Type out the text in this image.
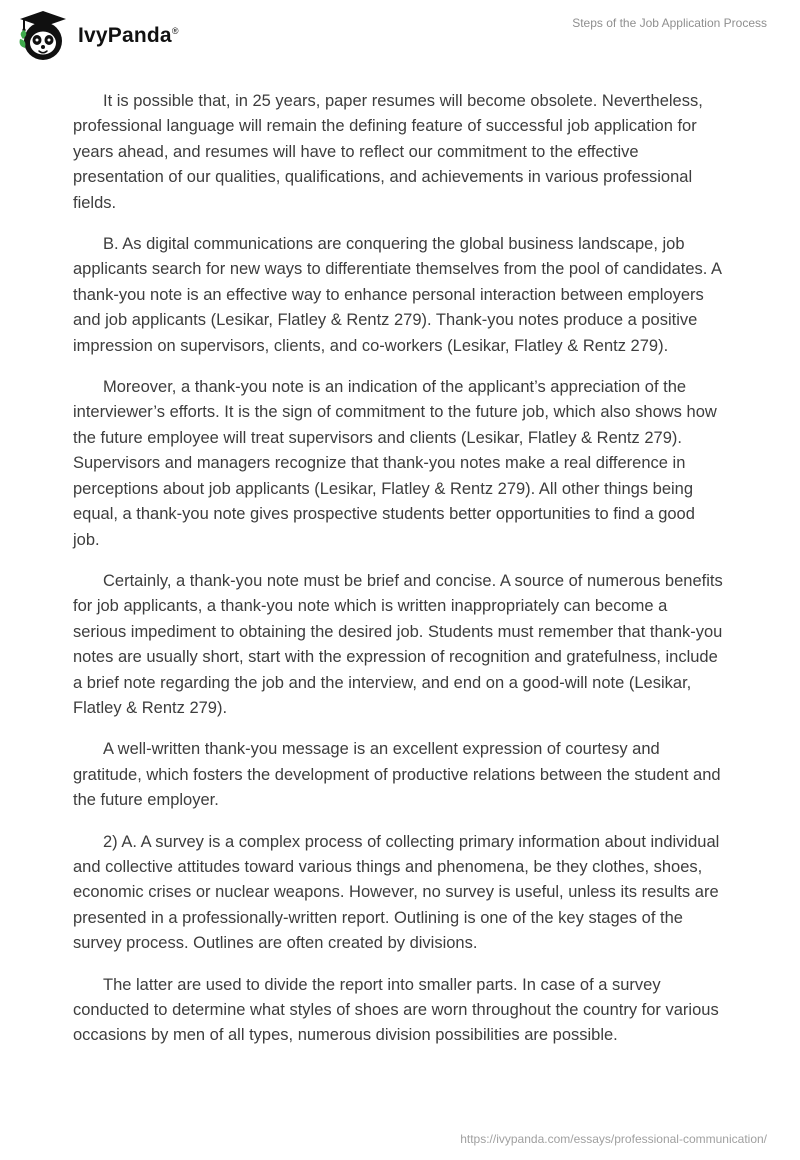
IvyPanda®
Steps of the Job Application Process

It is possible that, in 25 years, paper resumes will become obsolete. Nevertheless, professional language will remain the defining feature of successful job application for years ahead, and resumes will have to reflect our commitment to the effective presentation of our qualities, qualifications, and achievements in various professional fields.

B. As digital communications are conquering the global business landscape, job applicants search for new ways to differentiate themselves from the pool of candidates. A thank-you note is an effective way to enhance personal interaction between employers and job applicants (Lesikar, Flatley & Rentz 279). Thank-you notes produce a positive impression on supervisors, clients, and co-workers (Lesikar, Flatley & Rentz 279).

Moreover, a thank-you note is an indication of the applicant’s appreciation of the interviewer’s efforts. It is the sign of commitment to the future job, which also shows how the future employee will treat supervisors and clients (Lesikar, Flatley & Rentz 279). Supervisors and managers recognize that thank-you notes make a real difference in perceptions about job applicants (Lesikar, Flatley & Rentz 279). All other things being equal, a thank-you note gives prospective students better opportunities to find a good job.

Certainly, a thank-you note must be brief and concise. A source of numerous benefits for job applicants, a thank-you note which is written inappropriately can become a serious impediment to obtaining the desired job. Students must remember that thank-you notes are usually short, start with the expression of recognition and gratefulness, include a brief note regarding the job and the interview, and end on a good-will note (Lesikar, Flatley & Rentz 279).

A well-written thank-you message is an excellent expression of courtesy and gratitude, which fosters the development of productive relations between the student and the future employer.

2) A. A survey is a complex process of collecting primary information about individual and collective attitudes toward various things and phenomena, be they clothes, shoes, economic crises or nuclear weapons. However, no survey is useful, unless its results are presented in a professionally-written report. Outlining is one of the key stages of the survey process. Outlines are often created by divisions.

The latter are used to divide the report into smaller parts. In case of a survey conducted to determine what styles of shoes are worn throughout the country for various occasions by men of all types, numerous division possibilities are possible.

https://ivypanda.com/essays/professional-communication/
